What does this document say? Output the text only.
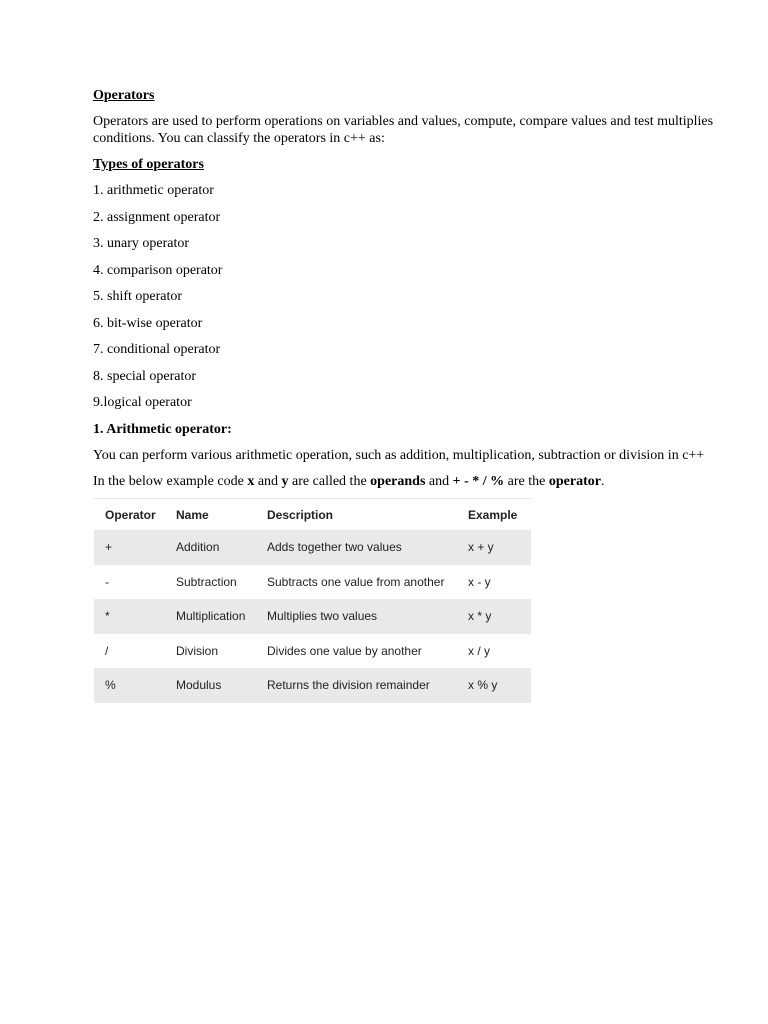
Operators
Operators are used to perform operations on variables and values, compute, compare values and test multiplies conditions. You can classify the operators in c++ as:
Types of operators
1. arithmetic operator
2. assignment operator
3. unary operator
4. comparison operator
5. shift operator
6. bit-wise operator
7. conditional operator
8. special operator
9.logical operator
1. Arithmetic operator:
You can perform various arithmetic operation, such as addition, multiplication, subtraction or division in c++
In the below example code x and y are called the operands and + - * / % are the operator.
Operator	Name	Description	Example
+	Addition	Adds together two values	x + y
-	Subtraction	Subtracts one value from another	x - y
*	Multiplication	Multiplies two values	x * y
/	Division	Divides one value by another	x / y
%	Modulus	Returns the division remainder	x % y
